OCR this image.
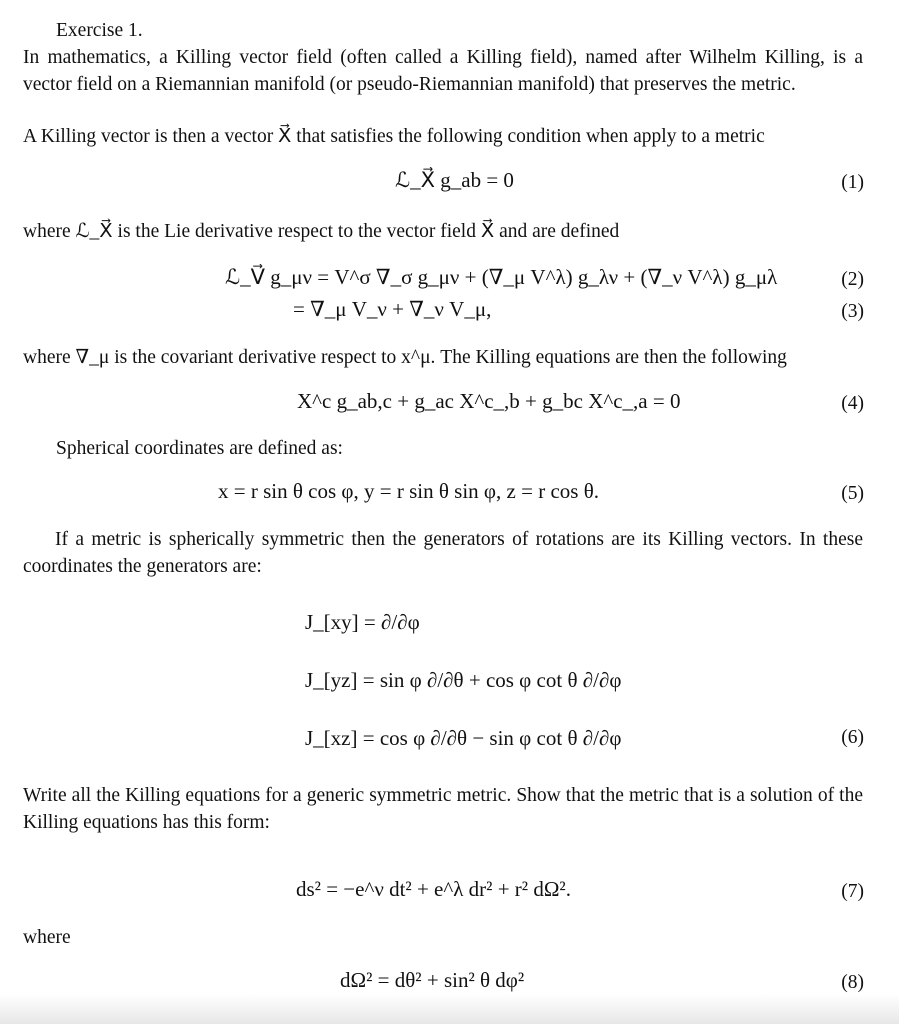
Exercise 1.
In mathematics, a Killing vector field (often called a Killing field), named after Wilhelm Killing, is a vector field on a Riemannian manifold (or pseudo-Riemannian manifold) that preserves the metric.
A Killing vector is then a vector X⃗ that satisfies the following condition when apply to a metric
ℒ_X⃗ g_ab = 0	(1)
where ℒ_X⃗ is the Lie derivative respect to the vector field X⃗ and are defined
ℒ_V⃗ g_μν = V^σ ∇_σ g_μν + (∇_μ V^λ) g_λν + (∇_ν V^λ) g_μλ	(2)
= ∇_μ V_ν + ∇_ν V_μ,	(3)
where ∇_μ is the covariant derivative respect to x^μ. The Killing equations are then the following
X^c g_ab,c + g_ac X^c_,b + g_bc X^c_,a = 0	(4)
Spherical coordinates are defined as:
x = r sin θ cos φ, y = r sin θ sin φ, z = r cos θ.	(5)
If a metric is spherically symmetric then the generators of rotations are its Killing vectors. In these coordinates the generators are:
J_[xy] = ∂/∂φ
J_[yz] = sin φ ∂/∂θ + cos φ cot θ ∂/∂φ
J_[xz] = cos φ ∂/∂θ − sin φ cot θ ∂/∂φ	(6)
Write all the Killing equations for a generic symmetric metric. Show that the metric that is a solution of the Killing equations has this form:
ds² = −e^ν dt² + e^λ dr² + r² dΩ².	(7)
where
dΩ² = dθ² + sin² θ dφ²	(8)
